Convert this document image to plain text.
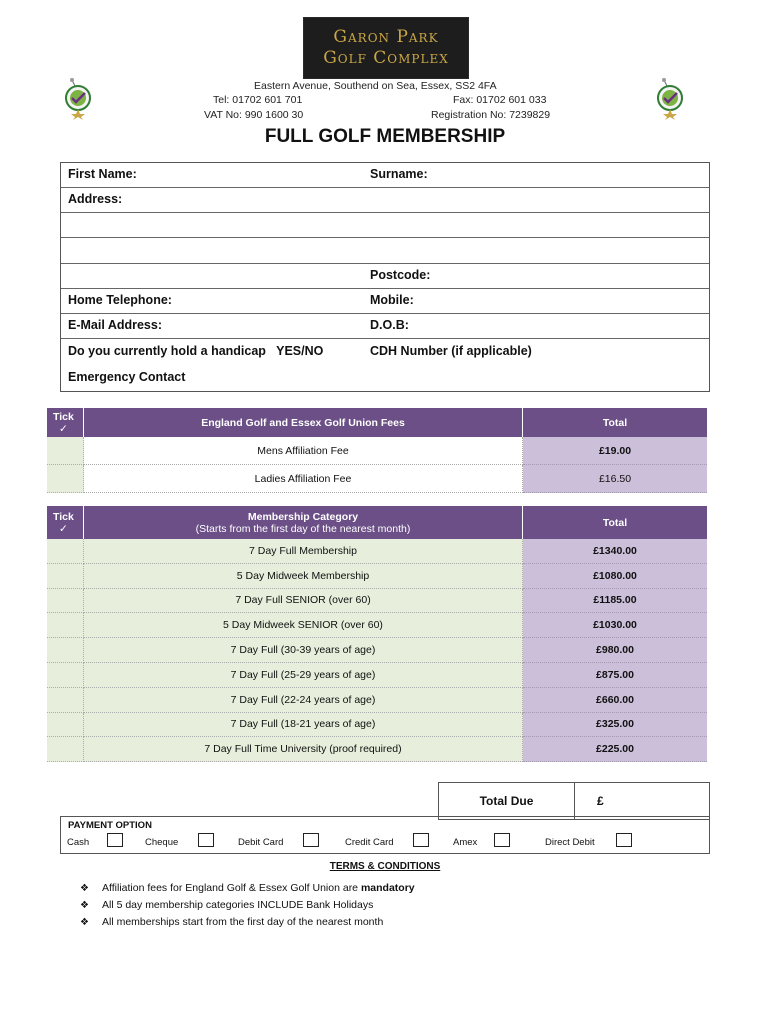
Garon Park
Golf Complex
Eastern Avenue, Southend on Sea, Essex, SS2 4FA
Tel: 01702 601 701	Fax: 01702 601 033
VAT No: 990 1600 30	Registration No: 7239829
FULL GOLF MEMBERSHIP
First Name:	Surname:
Address:
Postcode:
Home Telephone:	Mobile:
E-Mail Address:	D.O.B:
Do you currently hold a handicap   YES/NO	CDH Number (if applicable)
Emergency Contact
Tick
✓
England Golf and Essex Golf Union Fees	Total
Mens Affiliation Fee	£19.00
Ladies Affiliation Fee	£16.50
Tick
✓
Membership Category
(Starts from the first day of the nearest month)	Total
7 Day Full Membership	£1340.00
5 Day Midweek Membership	£1080.00
7 Day Full SENIOR (over 60)	£1185.00
5 Day Midweek SENIOR (over 60)	£1030.00
7 Day Full (30-39 years of age)	£980.00
7 Day Full (25-29 years of age)	£875.00
7 Day Full (22-24 years of age)	£660.00
7 Day Full (18-21 years of age)	£325.00
7 Day Full Time University (proof required)	£225.00
Total Due	£
PAYMENT OPTION
Cash	Cheque	Debit Card	Credit Card	Amex	Direct Debit
TERMS & CONDITIONS
❖ Affiliation fees for England Golf & Essex Golf Union are mandatory
❖ All 5 day membership categories INCLUDE Bank Holidays
❖ All memberships start from the first day of the nearest month
